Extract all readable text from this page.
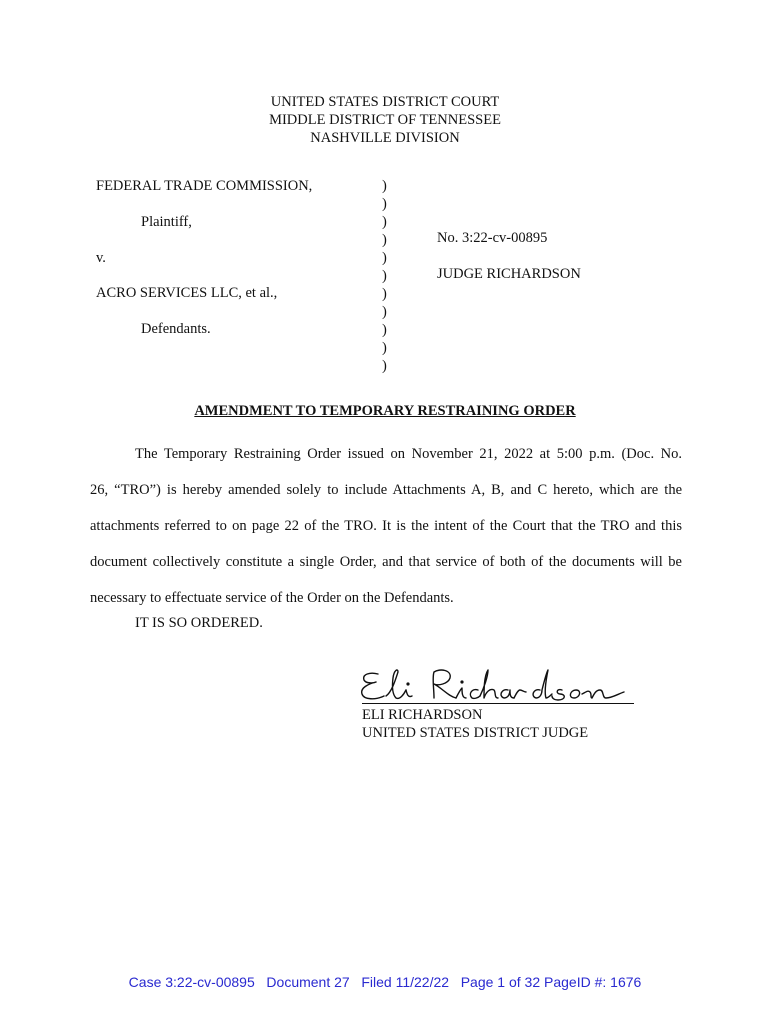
UNITED STATES DISTRICT COURT
MIDDLE DISTRICT OF TENNESSEE
NASHVILLE DIVISION
FEDERAL TRADE COMMISSION,
Plaintiff,
v.
ACRO SERVICES LLC, et al.,
Defendants.
)
)
)
)
)
)
)
)
)
)
)
No. 3:22-cv-00895
JUDGE RICHARDSON
AMENDMENT TO TEMPORARY RESTRAINING ORDER
The Temporary Restraining Order issued on November 21, 2022 at 5:00 p.m. (Doc. No.
26, “TRO”) is hereby amended solely to include Attachments A, B, and C hereto, which are the
attachments referred to on page 22 of the TRO. It is the intent of the Court that the TRO and this
document collectively constitute a single Order, and that service of both of the documents will be
necessary to effectuate service of the Order on the Defendants.
IT IS SO ORDERED.
ELI RICHARDSON
UNITED STATES DISTRICT JUDGE
Case 3:22-cv-00895   Document 27   Filed 11/22/22   Page 1 of 32 PageID #: 1676
